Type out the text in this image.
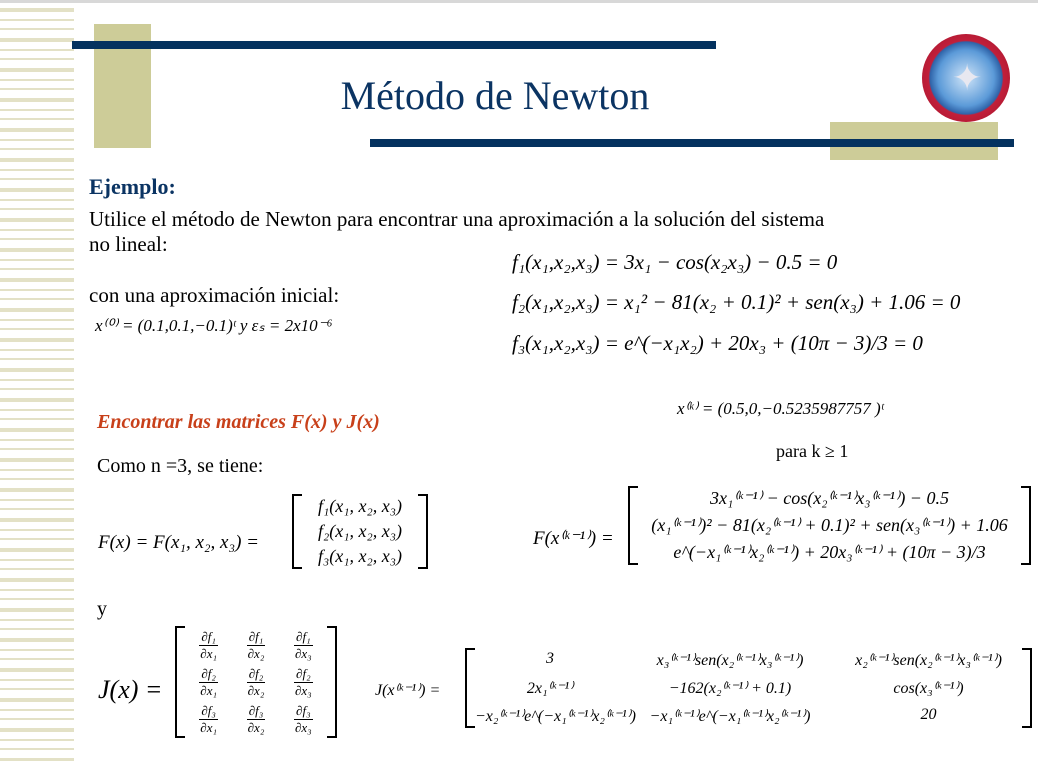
✦
Método de Newton
Ejemplo:
Utilice el método de Newton para encontrar una aproximación a la solución del sistema
no lineal:
f₁(x₁,x₂,x₃) = 3x₁ − cos(x₂x₃) − 0.5 = 0
f₂(x₁,x₂,x₃) = x₁² − 81(x₂ + 0.1)² + sen(x₃) + 1.06 = 0
f₃(x₁,x₂,x₃) = e^(−x₁x₂) + 20x₃ + (10π − 3)/3 = 0
con una aproximación inicial:
x⁽⁰⁾ = (0.1,0.1,−0.1)ᵗ y εₛ = 2x10⁻⁶
x⁽ᵏ⁾ = (0.5,0,−0.5235987757 )ᵗ
para k ≥ 1
Encontrar las matrices F(x) y J(x)
Como n =3, se tiene:
F(x) = F(x₁, x₂, x₃) =
f₁(x₁, x₂, x₃)
f₂(x₁, x₂, x₃)
f₃(x₁, x₂, x₃)
y
J(x) =
$\frac{\text{∂f₁}}{\text{∂x₁}} \frac{\text{∂f₁}}{\text{∂x₂}} \frac{\text{∂f₁}}{\text{∂x₃}}$
$\frac{\text{∂f₂}}{\text{∂x₁}} \frac{\text{∂f₂}}{\text{∂x₂}} \frac{\text{∂f₂}}{\text{∂x₃}}$
$\frac{\text{∂f₃}}{\text{∂x₁}} \frac{\text{∂f₃}}{\text{∂x₂}} \frac{\text{∂f₃}}{\text{∂x₃}}$
F(x⁽ᵏ⁻¹⁾) =
3x₁⁽ᵏ⁻¹⁾ − cos(x₂⁽ᵏ⁻¹⁾x₃⁽ᵏ⁻¹⁾) − 0.5
(x₁⁽ᵏ⁻¹⁾)² − 81(x₂⁽ᵏ⁻¹⁾ + 0.1)² + sen(x₃⁽ᵏ⁻¹⁾) + 1.06
e^(−x₁⁽ᵏ⁻¹⁾x₂⁽ᵏ⁻¹⁾) + 20x₃⁽ᵏ⁻¹⁾ + (10π − 3)/3
J(x⁽ᵏ⁻¹⁾) =
3	x₃⁽ᵏ⁻¹⁾sen(x₂⁽ᵏ⁻¹⁾x₃⁽ᵏ⁻¹⁾)	x₂⁽ᵏ⁻¹⁾sen(x₂⁽ᵏ⁻¹⁾x₃⁽ᵏ⁻¹⁾)
2x₁⁽ᵏ⁻¹⁾	−162(x₂⁽ᵏ⁻¹⁾ + 0.1)	cos(x₃⁽ᵏ⁻¹⁾)
−x₂⁽ᵏ⁻¹⁾e^(−x₁⁽ᵏ⁻¹⁾x₂⁽ᵏ⁻¹⁾) −x₁⁽ᵏ⁻¹⁾e^(−x₁⁽ᵏ⁻¹⁾x₂⁽ᵏ⁻¹⁾)	20
